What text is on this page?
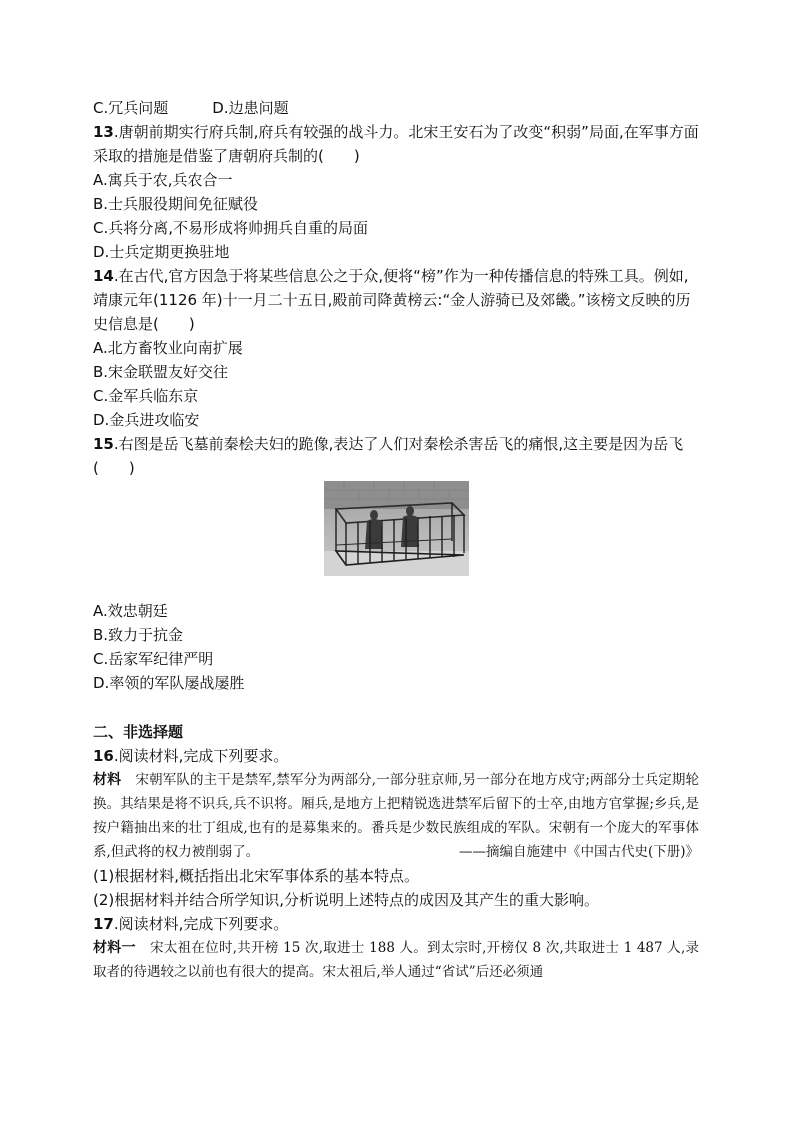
C.冗兵问题	D.边患问题
13.唐朝前期实行府兵制,府兵有较强的战斗力。北宋王安石为了改变“积弱”局面,在军事方面采取的措施是借鉴了唐朝府兵制的(　　)
A.寓兵于农,兵农合一
B.士兵服役期间免征赋役
C.兵将分离,不易形成将帅拥兵自重的局面
D.士兵定期更换驻地
14.在古代,官方因急于将某些信息公之于众,便将“榜”作为一种传播信息的特殊工具。例如,靖康元年(1126 年)十一月二十五日,殿前司降黄榜云:“金人游骑已及郊畿。”该榜文反映的历史信息是(　　)
A.北方畜牧业向南扩展
B.宋金联盟友好交往
C.金军兵临东京
D.金兵进攻临安
15.右图是岳飞墓前秦桧夫妇的跪像,表达了人们对秦桧杀害岳飞的痛恨,这主要是因为岳飞(　　)
A.效忠朝廷
B.致力于抗金
C.岳家军纪律严明
D.率领的军队屡战屡胜
二、非选择题
16.阅读材料,完成下列要求。
材料 宋朝军队的主干是禁军,禁军分为两部分,一部分驻京师,另一部分在地方戍守;两部分士兵定期轮换。其结果是将不识兵,兵不识将。厢兵,是地方上把精锐选进禁军后留下的士卒,由地方官掌握;乡兵,是按户籍抽出来的壮丁组成,也有的是募集来的。番兵是少数民族组成的军队。宋朝有一个庞大的军事体系,但武将的权力被削弱了。	——摘编自施建中《中国古代史(下册)》
(1)根据材料,概括指出北宋军事体系的基本特点。
(2)根据材料并结合所学知识,分析说明上述特点的成因及其产生的重大影响。
17.阅读材料,完成下列要求。
材料一 宋太祖在位时,共开榜 15 次,取进士 188 人。到太宗时,开榜仅 8 次,共取进士 1 487 人,录取者的待遇较之以前也有很大的提高。宋太祖后,举人通过“省试”后还必须通
